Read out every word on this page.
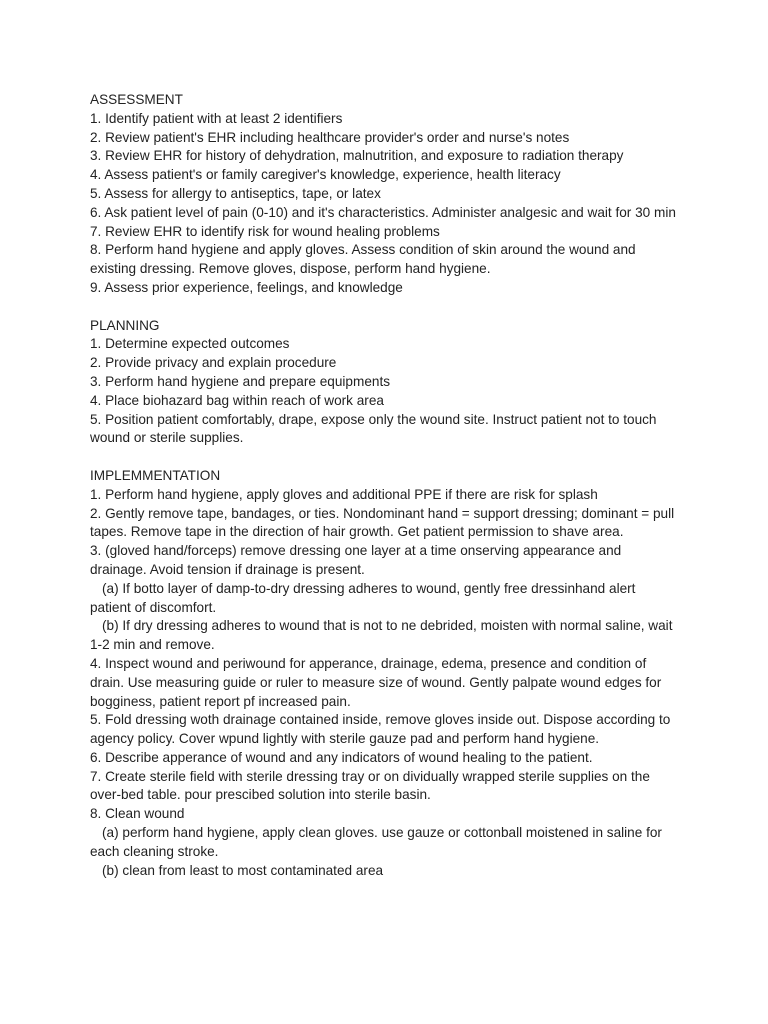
ASSESSMENT

1. Identify patient with at least 2 identifiers

2. Review patient's EHR including healthcare provider's order and nurse's notes

3. Review EHR for history of dehydration, malnutrition, and exposure to radiation therapy

4. Assess patient's or family caregiver's knowledge, experience, health literacy

5. Assess for allergy to antiseptics, tape, or latex

6. Ask patient level of pain (0-10) and it's characteristics. Administer analgesic and wait for 30 min

7. Review EHR to identify risk for wound healing problems

8. Perform hand hygiene and apply gloves. Assess condition of skin around the wound and existing dressing. Remove gloves, dispose, perform hand hygiene.

9. Assess prior experience, feelings, and knowledge

PLANNING

1. Determine expected outcomes

2. Provide privacy and explain procedure

3. Perform hand hygiene and prepare equipments

4. Place biohazard bag within reach of work area

5. Position patient comfortably, drape, expose only the wound site. Instruct patient not to touch wound or sterile supplies.

IMPLEMMENTATION

1. Perform hand hygiene, apply gloves and additional PPE if there are risk for splash

2. Gently remove tape, bandages, or ties. Nondominant hand = support dressing; dominant = pull tapes. Remove tape in the direction of hair growth. Get patient permission to shave area.

3. (gloved hand/forceps) remove dressing one layer at a time onserving appearance and drainage. Avoid tension if drainage is present.

(a) If botto layer of damp-to-dry dressing adheres to wound, gently free dressinhand alert patient of discomfort.

(b) If dry dressing adheres to wound that is not to ne debrided, moisten with normal saline, wait 1-2 min and remove.

4. Inspect wound and periwound for apperance, drainage, edema, presence and condition of drain. Use measuring guide or ruler to measure size of wound. Gently palpate wound edges for bogginess, patient report pf increased pain.

5. Fold dressing woth drainage contained inside, remove gloves inside out. Dispose according to agency policy. Cover wpund lightly with sterile gauze pad and perform hand hygiene.

6. Describe apperance of wound and any indicators of wound healing to the patient.

7. Create sterile field with sterile dressing tray or on dividually wrapped sterile supplies on the over-bed table. pour prescibed solution into sterile basin.

8. Clean wound

(a) perform hand hygiene, apply clean gloves. use gauze or cottonball moistened in saline for each cleaning stroke.

(b) clean from least to most contaminated area
